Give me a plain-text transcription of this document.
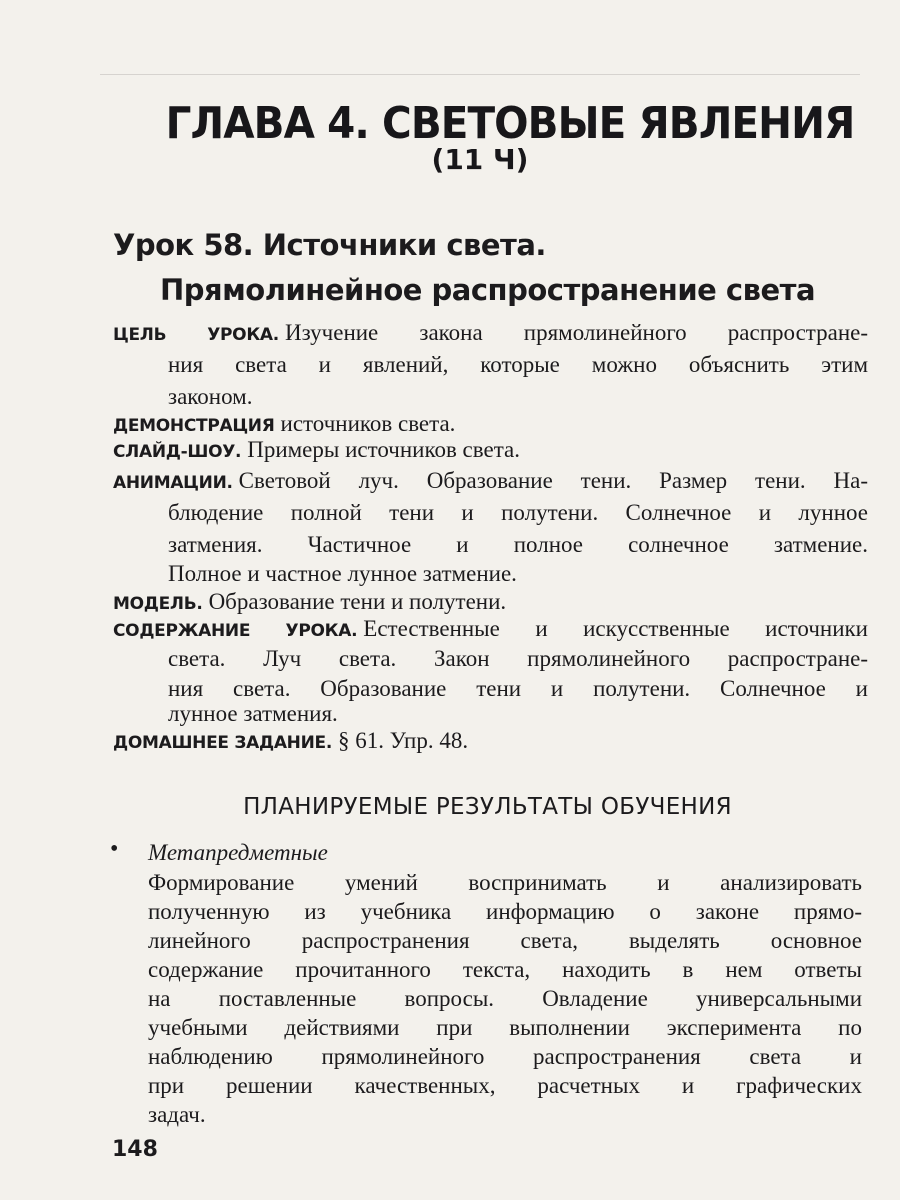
ГЛАВА 4. СВЕТОВЫЕ ЯВЛЕНИЯ
(11 Ч)
Урок 58. Источники света.
Прямолинейное распространение света
ЦЕЛЬ УРОКА. Изучение закона прямолинейного распростране-
ния света и явлений, которые можно объяснить этим
законом.
ДЕМОНСТРАЦИЯ источников света.
СЛАЙД-ШОУ. Примеры источников света.
АНИМАЦИИ. Световой луч. Образование тени. Размер тени. На-
блюдение полной тени и полутени. Солнечное и лунное
затмения. Частичное и полное солнечное затмение.
Полное и частное лунное затмение.
МОДЕЛЬ. Образование тени и полутени.
СОДЕРЖАНИЕ УРОКА. Естественные и искусственные источники
света. Луч света. Закон прямолинейного распростране-
ния света. Образование тени и полутени. Солнечное и
лунное затмения.
ДОМАШНЕЕ ЗАДАНИЕ. § 61. Упр. 48.
ПЛАНИРУЕМЫЕ РЕЗУЛЬТАТЫ ОБУЧЕНИЯ
• Метапредметные
Формирование умений воспринимать и анализировать
полученную из учебника информацию о законе прямо-
линейного распространения света, выделять основное
содержание прочитанного текста, находить в нем ответы
на поставленные вопросы. Овладение универсальными
учебными действиями при выполнении эксперимента по
наблюдению прямолинейного распространения света и
при решении качественных, расчетных и графических
задач.
148
